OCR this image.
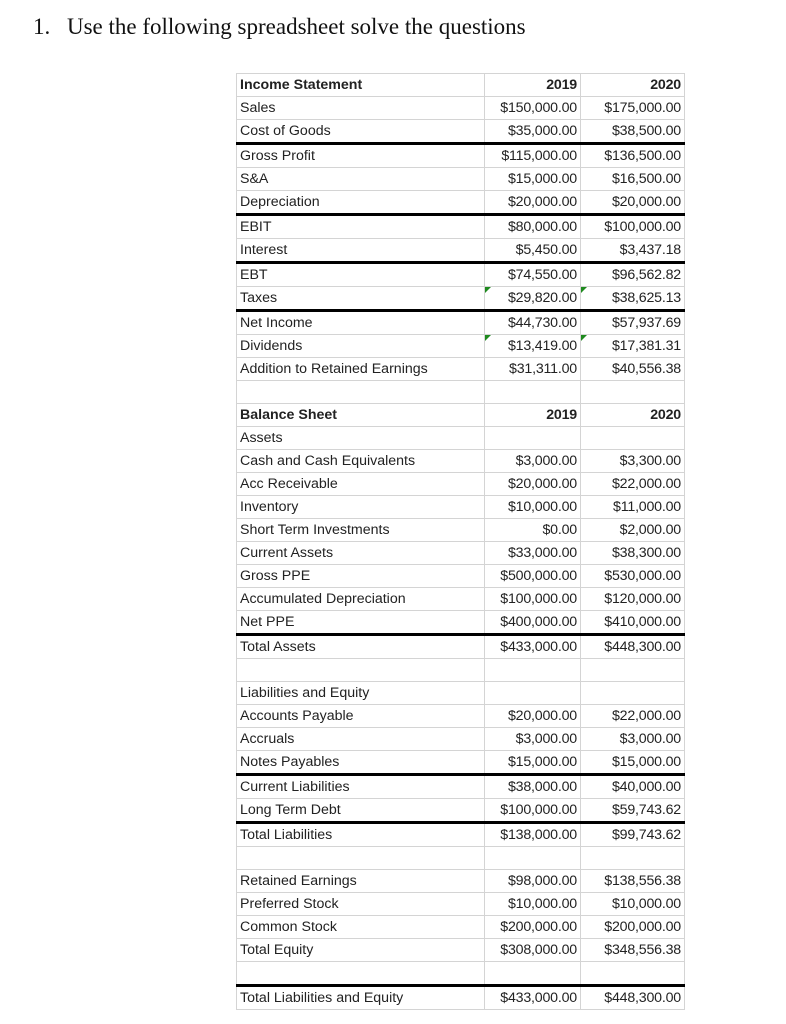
1. Use the following spreadsheet solve the questions
Income Statement	2019	2020
Sales	$150,000.00	$175,000.00
Cost of Goods	$35,000.00	$38,500.00
Gross Profit	$115,000.00	$136,500.00
S&A	$15,000.00	$16,500.00
Depreciation	$20,000.00	$20,000.00
EBIT	$80,000.00	$100,000.00
Interest	$5,450.00	$3,437.18
EBT	$74,550.00	$96,562.82
Taxes	$29,820.00	$38,625.13
Net Income	$44,730.00	$57,937.69
Dividends	$13,419.00	$17,381.31
Addition to Retained Earnings	$31,311.00	$40,556.38

Balance Sheet	2019	2020
Assets		
Cash and Cash Equivalents	$3,000.00	$3,300.00
Acc Receivable	$20,000.00	$22,000.00
Inventory	$10,000.00	$11,000.00
Short Term Investments	$0.00	$2,000.00
Current Assets	$33,000.00	$38,300.00
Gross PPE	$500,000.00	$530,000.00
Accumulated Depreciation	$100,000.00	$120,000.00
Net PPE	$400,000.00	$410,000.00
Total Assets	$433,000.00	$448,300.00

Liabilities and Equity		
Accounts Payable	$20,000.00	$22,000.00
Accruals	$3,000.00	$3,000.00
Notes Payables	$15,000.00	$15,000.00
Current Liabilities	$38,000.00	$40,000.00
Long Term Debt	$100,000.00	$59,743.62
Total Liabilities	$138,000.00	$99,743.62

Retained Earnings	$98,000.00	$138,556.38
Preferred Stock	$10,000.00	$10,000.00
Common Stock	$200,000.00	$200,000.00
Total Equity	$308,000.00	$348,556.38

Total Liabilities and Equity	$433,000.00	$448,300.00
